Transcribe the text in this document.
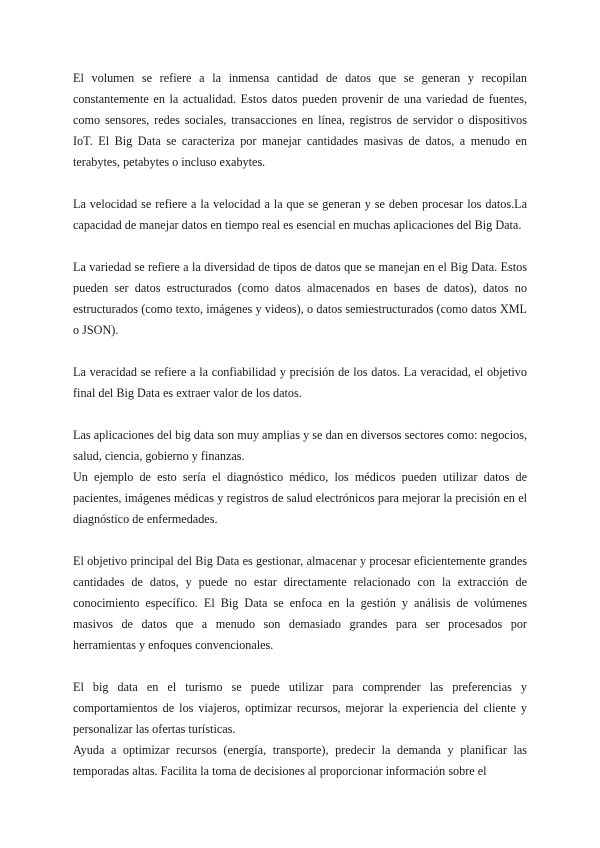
El volumen se refiere a la inmensa cantidad de datos que se generan y recopilan constantemente en la actualidad. Estos datos pueden provenir de una variedad de fuentes, como sensores, redes sociales, transacciones en línea, registros de servidor o dispositivos IoT. El Big Data se caracteriza por manejar cantidades masivas de datos, a menudo en terabytes, petabytes o incluso exabytes.

La velocidad se refiere a la velocidad a la que se generan y se deben procesar los datos.La capacidad de manejar datos en tiempo real es esencial en muchas aplicaciones del Big Data.

La variedad se refiere a la diversidad de tipos de datos que se manejan en el Big Data. Estos pueden ser datos estructurados (como datos almacenados en bases de datos), datos no estructurados (como texto, imágenes y videos), o datos semiestructurados (como datos XML o JSON).

La veracidad se refiere a la confiabilidad y precisión de los datos. La veracidad, el objetivo final del Big Data es extraer valor de los datos.

Las aplicaciones del big data son muy amplias y se dan en diversos sectores como: negocios, salud, ciencia, gobierno y finanzas.

Un ejemplo de esto sería el diagnóstico médico, los médicos pueden utilizar datos de pacientes, imágenes médicas y registros de salud electrónicos para mejorar la precisión en el diagnóstico de enfermedades.

El objetivo principal del Big Data es gestionar, almacenar y procesar eficientemente grandes cantidades de datos, y puede no estar directamente relacionado con la extracción de conocimiento específico. El Big Data se enfoca en la gestión y análisis de volúmenes masivos de datos que a menudo son demasiado grandes para ser procesados por herramientas y enfoques convencionales.

El big data en el turismo se puede utilizar para comprender las preferencias y comportamientos de los viajeros, optimizar recursos, mejorar la experiencia del cliente y personalizar las ofertas turísticas.

Ayuda a optimizar recursos (energía, transporte), predecir la demanda y planificar las temporadas altas. Facilita la toma de decisiones al proporcionar información sobre el
